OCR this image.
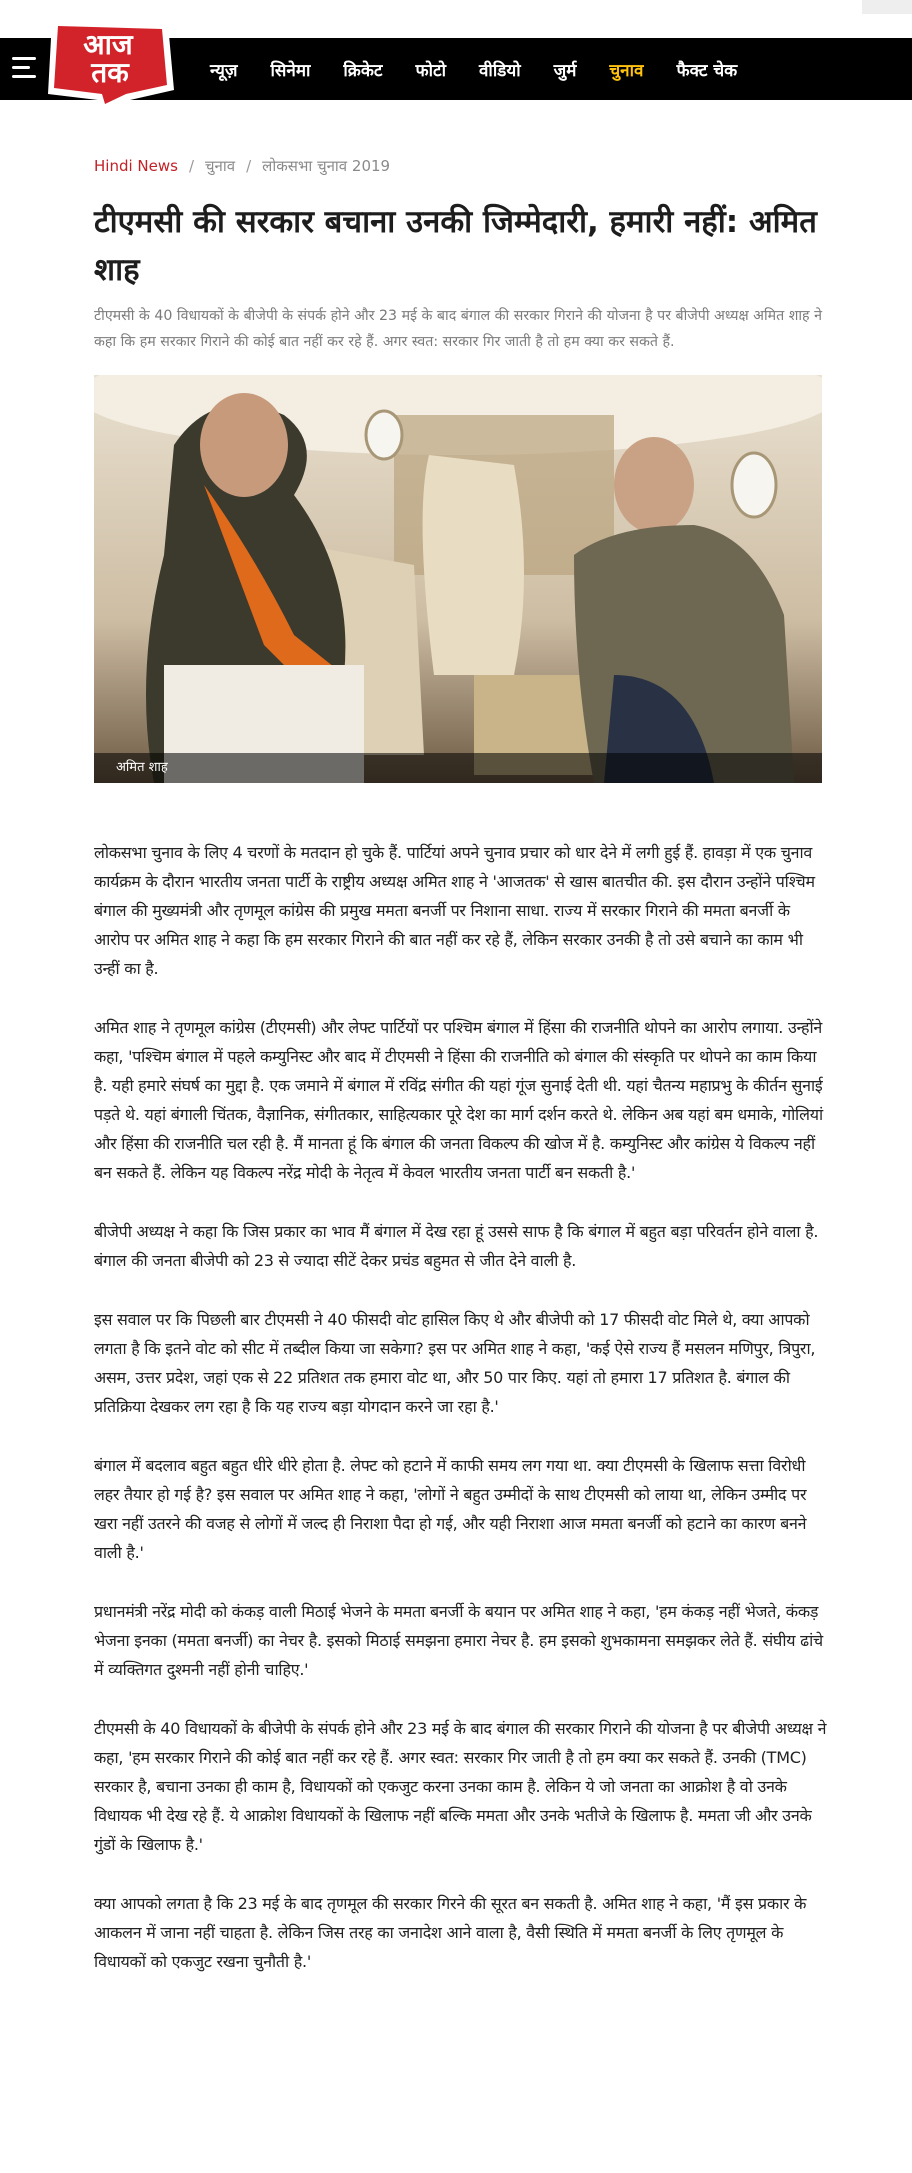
न्यूज़ सिनेमा क्रिकेट फोटो वीडियो जुर्म चुनाव फैक्ट चेक
आज
तक
Hindi News / चुनाव / लोकसभा चुनाव 2019
टीएमसी की सरकार बचाना उनकी जिम्मेदारी, हमारी नहीं: अमित शाह

टीएमसी के 40 विधायकों के बीजेपी के संपर्क होने और 23 मई के बाद बंगाल की सरकार गिराने की योजना है पर बीजेपी अध्यक्ष अमित शाह ने कहा कि हम सरकार गिराने की कोई बात नहीं कर रहे हैं. अगर स्वत: सरकार गिर जाती है तो हम क्या कर सकते हैं.

अमित शाह

लोकसभा चुनाव के लिए 4 चरणों के मतदान हो चुके हैं. पार्टियां अपने चुनाव प्रचार को धार देने में लगी हुई हैं. हावड़ा में एक चुनाव कार्यक्रम के दौरान भारतीय जनता पार्टी के राष्ट्रीय अध्यक्ष अमित शाह ने 'आजतक' से खास बातचीत की. इस दौरान उन्होंने पश्चिम बंगाल की मुख्यमंत्री और तृणमूल कांग्रेस की प्रमुख ममता बनर्जी पर निशाना साधा. राज्य में सरकार गिराने की ममता बनर्जी के आरोप पर अमित शाह ने कहा कि हम सरकार गिराने की बात नहीं कर रहे हैं, लेकिन सरकार उनकी है तो उसे बचाने का काम भी उन्हीं का है.

अमित शाह ने तृणमूल कांग्रेस (टीएमसी) और लेफ्ट पार्टियों पर पश्चिम बंगाल में हिंसा की राजनीति थोपने का आरोप लगाया. उन्होंने कहा, 'पश्चिम बंगाल में पहले कम्युनिस्ट और बाद में टीएमसी ने हिंसा की राजनीति को बंगाल की संस्कृति पर थोपने का काम किया है. यही हमारे संघर्ष का मुद्दा है. एक जमाने में बंगाल में रविंद्र संगीत की यहां गूंज सुनाई देती थी. यहां चैतन्य महाप्रभु के कीर्तन सुनाई पड़ते थे. यहां बंगाली चिंतक, वैज्ञानिक, संगीतकार, साहित्यकार पूरे देश का मार्ग दर्शन करते थे. लेकिन अब यहां बम धमाके, गोलियां और हिंसा की राजनीति चल रही है. मैं मानता हूं कि बंगाल की जनता विकल्प की खोज में है. कम्युनिस्ट और कांग्रेस ये विकल्प नहीं बन सकते हैं. लेकिन यह विकल्प नरेंद्र मोदी के नेतृत्व में केवल भारतीय जनता पार्टी बन सकती है.'

बीजेपी अध्यक्ष ने कहा कि जिस प्रकार का भाव मैं बंगाल में देख रहा हूं उससे साफ है कि बंगाल में बहुत बड़ा परिवर्तन होने वाला है. बंगाल की जनता बीजेपी को 23 से ज्यादा सीटें देकर प्रचंड बहुमत से जीत देने वाली है.

इस सवाल पर कि पिछली बार टीएमसी ने 40 फीसदी वोट हासिल किए थे और बीजेपी को 17 फीसदी वोट मिले थे, क्या आपको लगता है कि इतने वोट को सीट में तब्दील किया जा सकेगा? इस पर अमित शाह ने कहा, 'कई ऐसे राज्य हैं मसलन मणिपुर, त्रिपुरा, असम, उत्तर प्रदेश, जहां एक से 22 प्रतिशत तक हमारा वोट था, और 50 पार किए. यहां तो हमारा 17 प्रतिशत है. बंगाल की प्रतिक्रिया देखकर लग रहा है कि यह राज्य बड़ा योगदान करने जा रहा है.'

बंगाल में बदलाव बहुत बहुत धीरे धीरे होता है. लेफ्ट को हटाने में काफी समय लग गया था. क्या टीएमसी के खिलाफ सत्ता विरोधी लहर तैयार हो गई है? इस सवाल पर अमित शाह ने कहा, 'लोगों ने बहुत उम्मीदों के साथ टीएमसी को लाया था, लेकिन उम्मीद पर खरा नहीं उतरने की वजह से लोगों में जल्द ही निराशा पैदा हो गई, और यही निराशा आज ममता बनर्जी को हटाने का कारण बनने वाली है.'

प्रधानमंत्री नरेंद्र मोदी को कंकड़ वाली मिठाई भेजने के ममता बनर्जी के बयान पर अमित शाह ने कहा, 'हम कंकड़ नहीं भेजते, कंकड़ भेजना इनका (ममता बनर्जी) का नेचर है. इसको मिठाई समझना हमारा नेचर है. हम इसको शुभकामना समझकर लेते हैं. संघीय ढांचे में व्यक्तिगत दुश्मनी नहीं होनी चाहिए.'

टीएमसी के 40 विधायकों के बीजेपी के संपर्क होने और 23 मई के बाद बंगाल की सरकार गिराने की योजना है पर बीजेपी अध्यक्ष ने कहा, 'हम सरकार गिराने की कोई बात नहीं कर रहे हैं. अगर स्वत: सरकार गिर जाती है तो हम क्या कर सकते हैं. उनकी (TMC) सरकार है, बचाना उनका ही काम है, विधायकों को एकजुट करना उनका काम है. लेकिन ये जो जनता का आक्रोश है वो उनके विधायक भी देख रहे हैं. ये आक्रोश विधायकों के खिलाफ नहीं बल्कि ममता और उनके भतीजे के खिलाफ है. ममता जी और उनके गुंडों के खिलाफ है.'

क्या आपको लगता है कि 23 मई के बाद तृणमूल की सरकार गिरने की सूरत बन सकती है. अमित शाह ने कहा, 'मैं इस प्रकार के आकलन में जाना नहीं चाहता है. लेकिन जिस तरह का जनादेश आने वाला है, वैसी स्थिति में ममता बनर्जी के लिए तृणमूल के विधायकों को एकजुट रखना चुनौती है.'
